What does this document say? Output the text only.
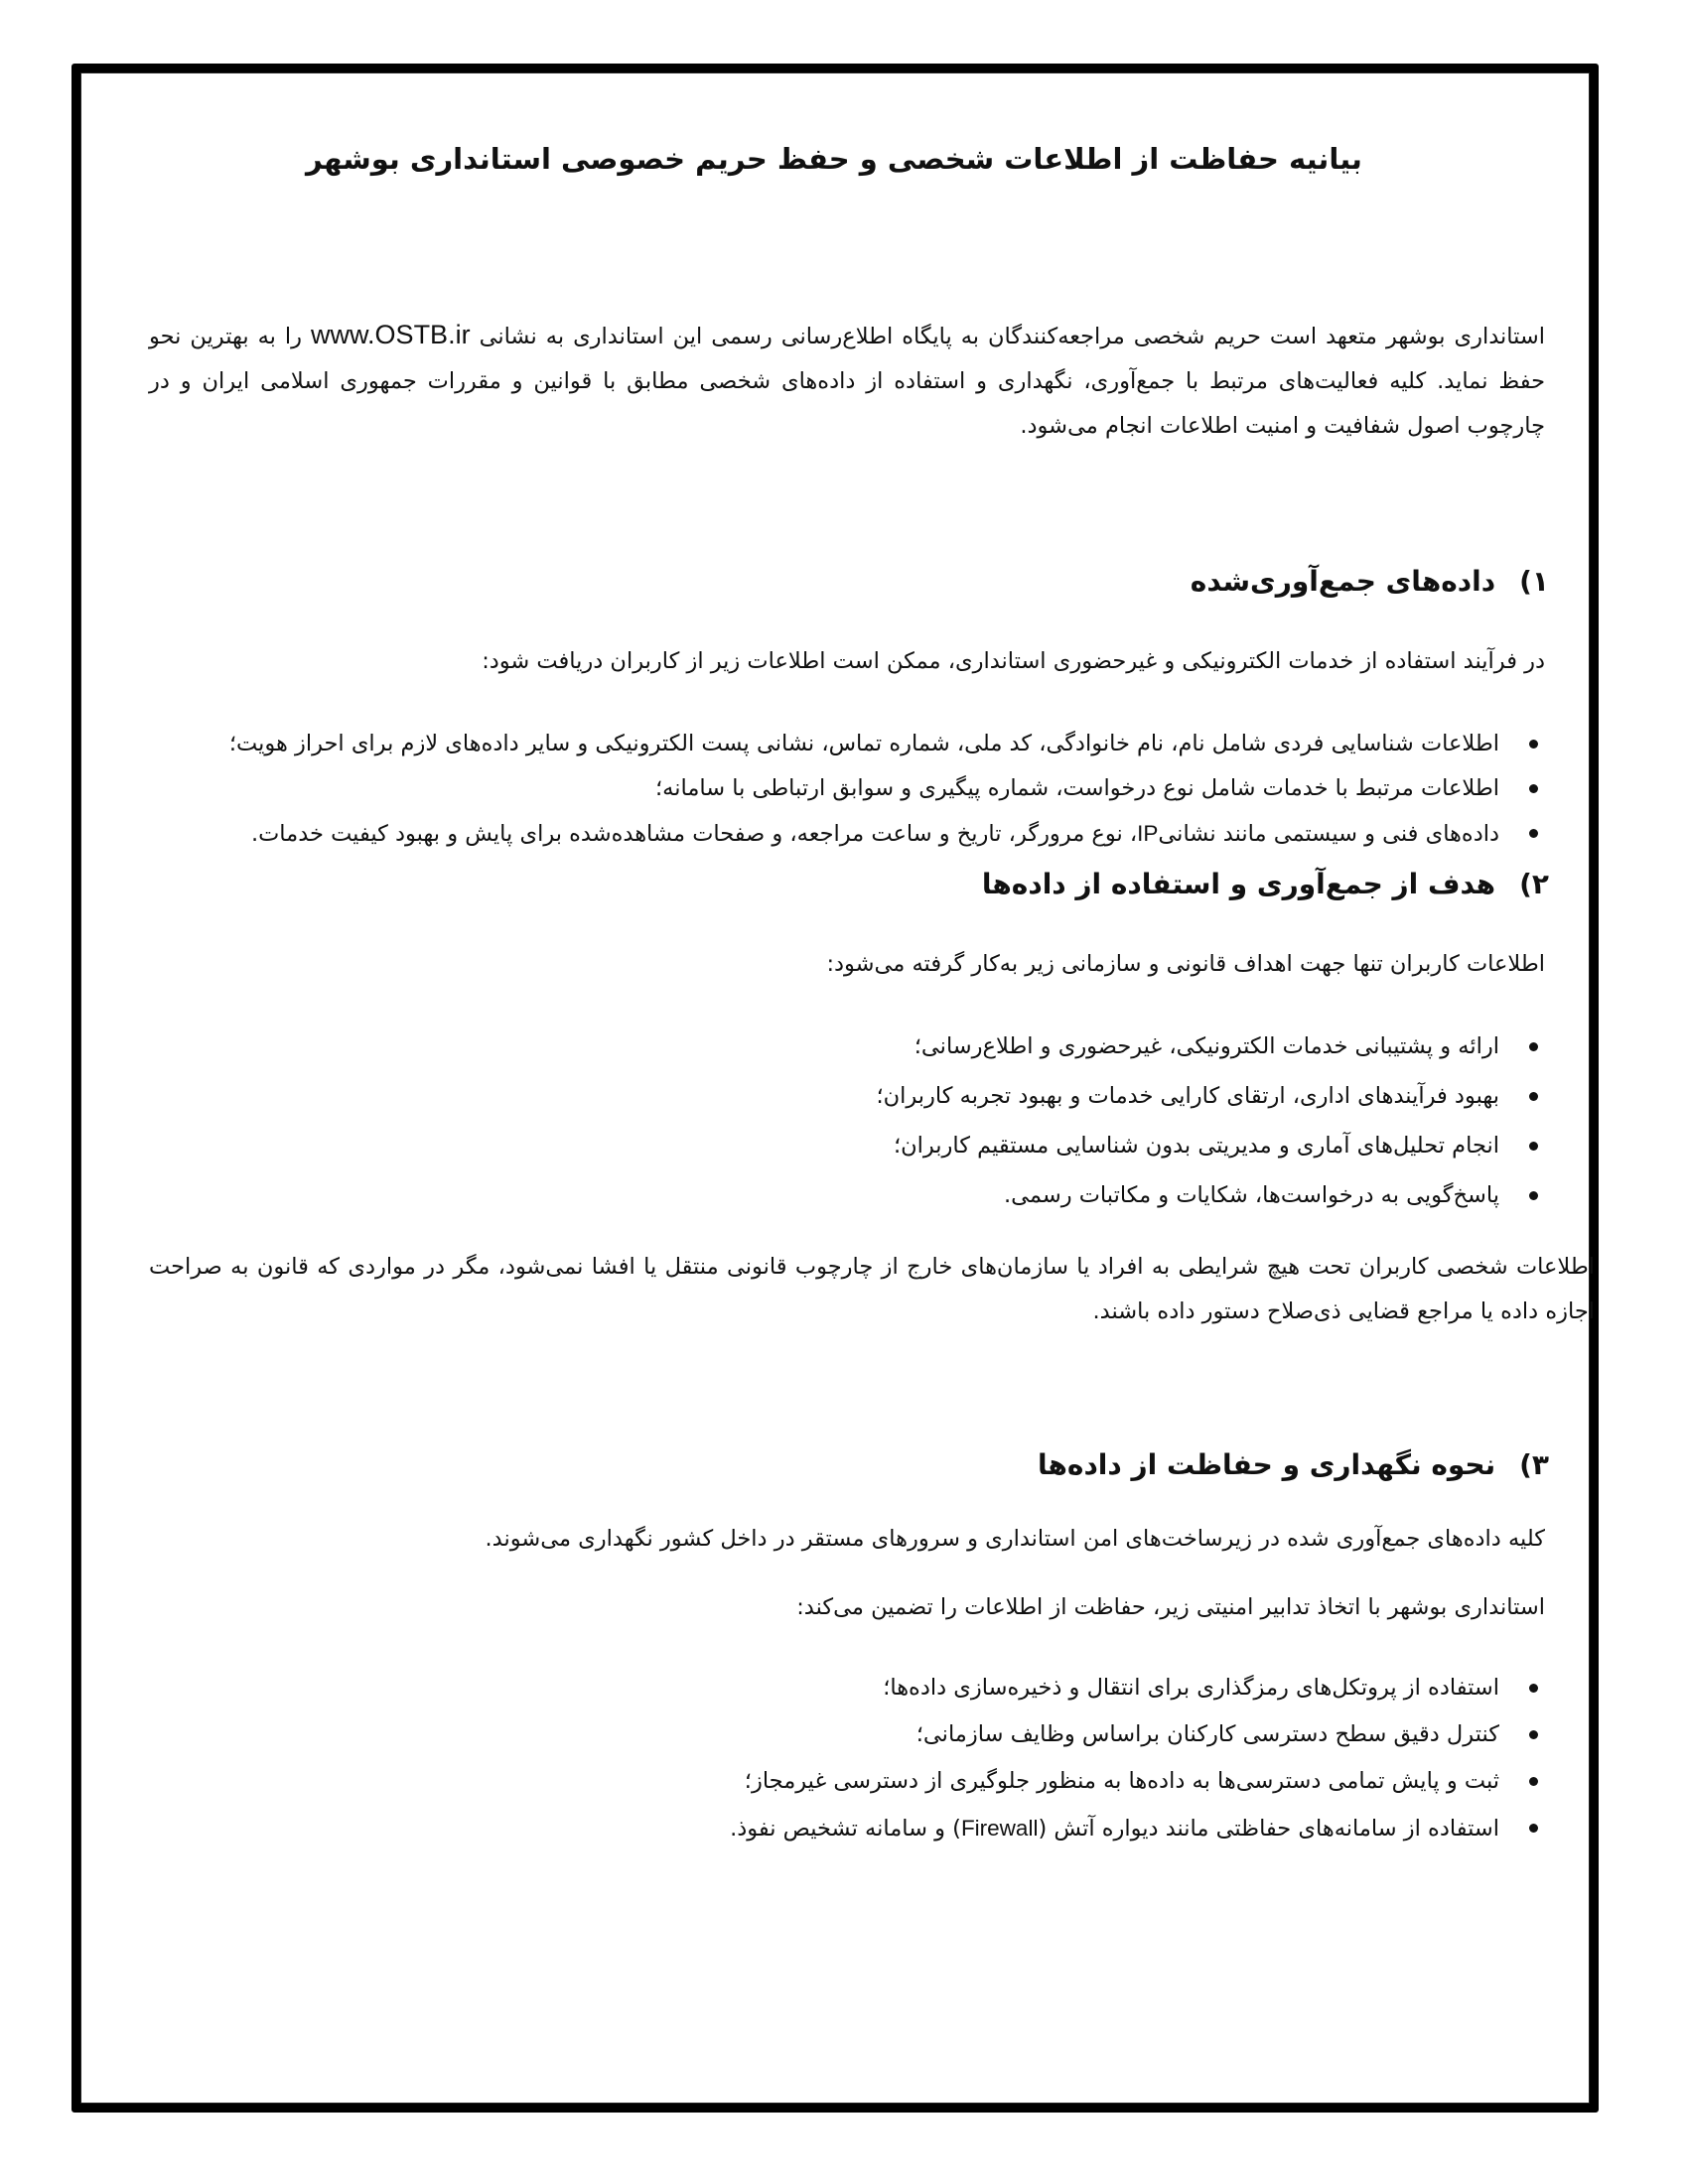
بیانیه حفاظت از اطلاعات شخصی و حفظ حریم خصوصی استانداری بوشهر

استانداری بوشهر متعهد است حریم شخصی مراجعه‌کنندگان به پایگاه اطلاع‌رسانی رسمی این استانداری به نشانی www.OSTB.ir را به بهترین نحو حفظ نماید. کلیه فعالیت‌های مرتبط با جمع‌آوری، نگهداری و استفاده از داده‌های شخصی مطابق با قوانین و مقررات جمهوری اسلامی ایران و در چارچوب اصول شفافیت و امنیت اطلاعات انجام می‌شود.

۱)داده‌های جمع‌آوری‌شده

در فرآیند استفاده از خدمات الکترونیکی و غیرحضوری استانداری، ممکن است اطلاعات زیر از کاربران دریافت شود:

اطلاعات شناسایی فردی شامل نام، نام خانوادگی، کد ملی، شماره تماس، نشانی پست الکترونیکی و سایر داده‌های لازم برای احراز هویت؛
اطلاعات مرتبط با خدمات شامل نوع درخواست، شماره پیگیری و سوابق ارتباطی با سامانه؛
داده‌های فنی و سیستمی مانند نشانیIP، نوع مرورگر، تاریخ و ساعت مراجعه، و صفحات مشاهده‌شده برای پایش و بهبود کیفیت خدمات.
۲)هدف از جمع‌آوری و استفاده از داده‌ها

اطلاعات کاربران تنها جهت اهداف قانونی و سازمانی زیر به‌کار گرفته می‌شود:

ارائه و پشتیبانی خدمات الکترونیکی، غیرحضوری و اطلاع‌رسانی؛
بهبود فرآیندهای اداری، ارتقای کارایی خدمات و بهبود تجربه کاربران؛
انجام تحلیل‌های آماری و مدیریتی بدون شناسایی مستقیم کاربران؛
پاسخ‌گویی به درخواست‌ها، شکایات و مکاتبات رسمی.

اطلاعات شخصی کاربران تحت هیچ شرایطی به افراد یا سازمان‌های خارج از چارچوب قانونی منتقل یا افشا نمی‌شود، مگر در مواردی که قانون به صراحت اجازه داده یا مراجع قضایی ذی‌صلاح دستور داده باشند.

۳)نحوه نگهداری و حفاظت از داده‌ها

کلیه داده‌های جمع‌آوری شده در زیرساخت‌های امن استانداری و سرورهای مستقر در داخل کشور نگهداری می‌شوند.

استانداری بوشهر با اتخاذ تدابیر امنیتی زیر، حفاظت از اطلاعات را تضمین می‌کند:

استفاده از پروتکل‌های رمزگذاری برای انتقال و ذخیره‌سازی داده‌ها؛
کنترل دقیق سطح دسترسی کارکنان براساس وظایف سازمانی؛
ثبت و پایش تمامی دسترسی‌ها به داده‌ها به منظور جلوگیری از دسترسی غیرمجاز؛
استفاده از سامانه‌های حفاظتی مانند دیواره آتش (Firewall) و سامانه تشخیص نفوذ.
